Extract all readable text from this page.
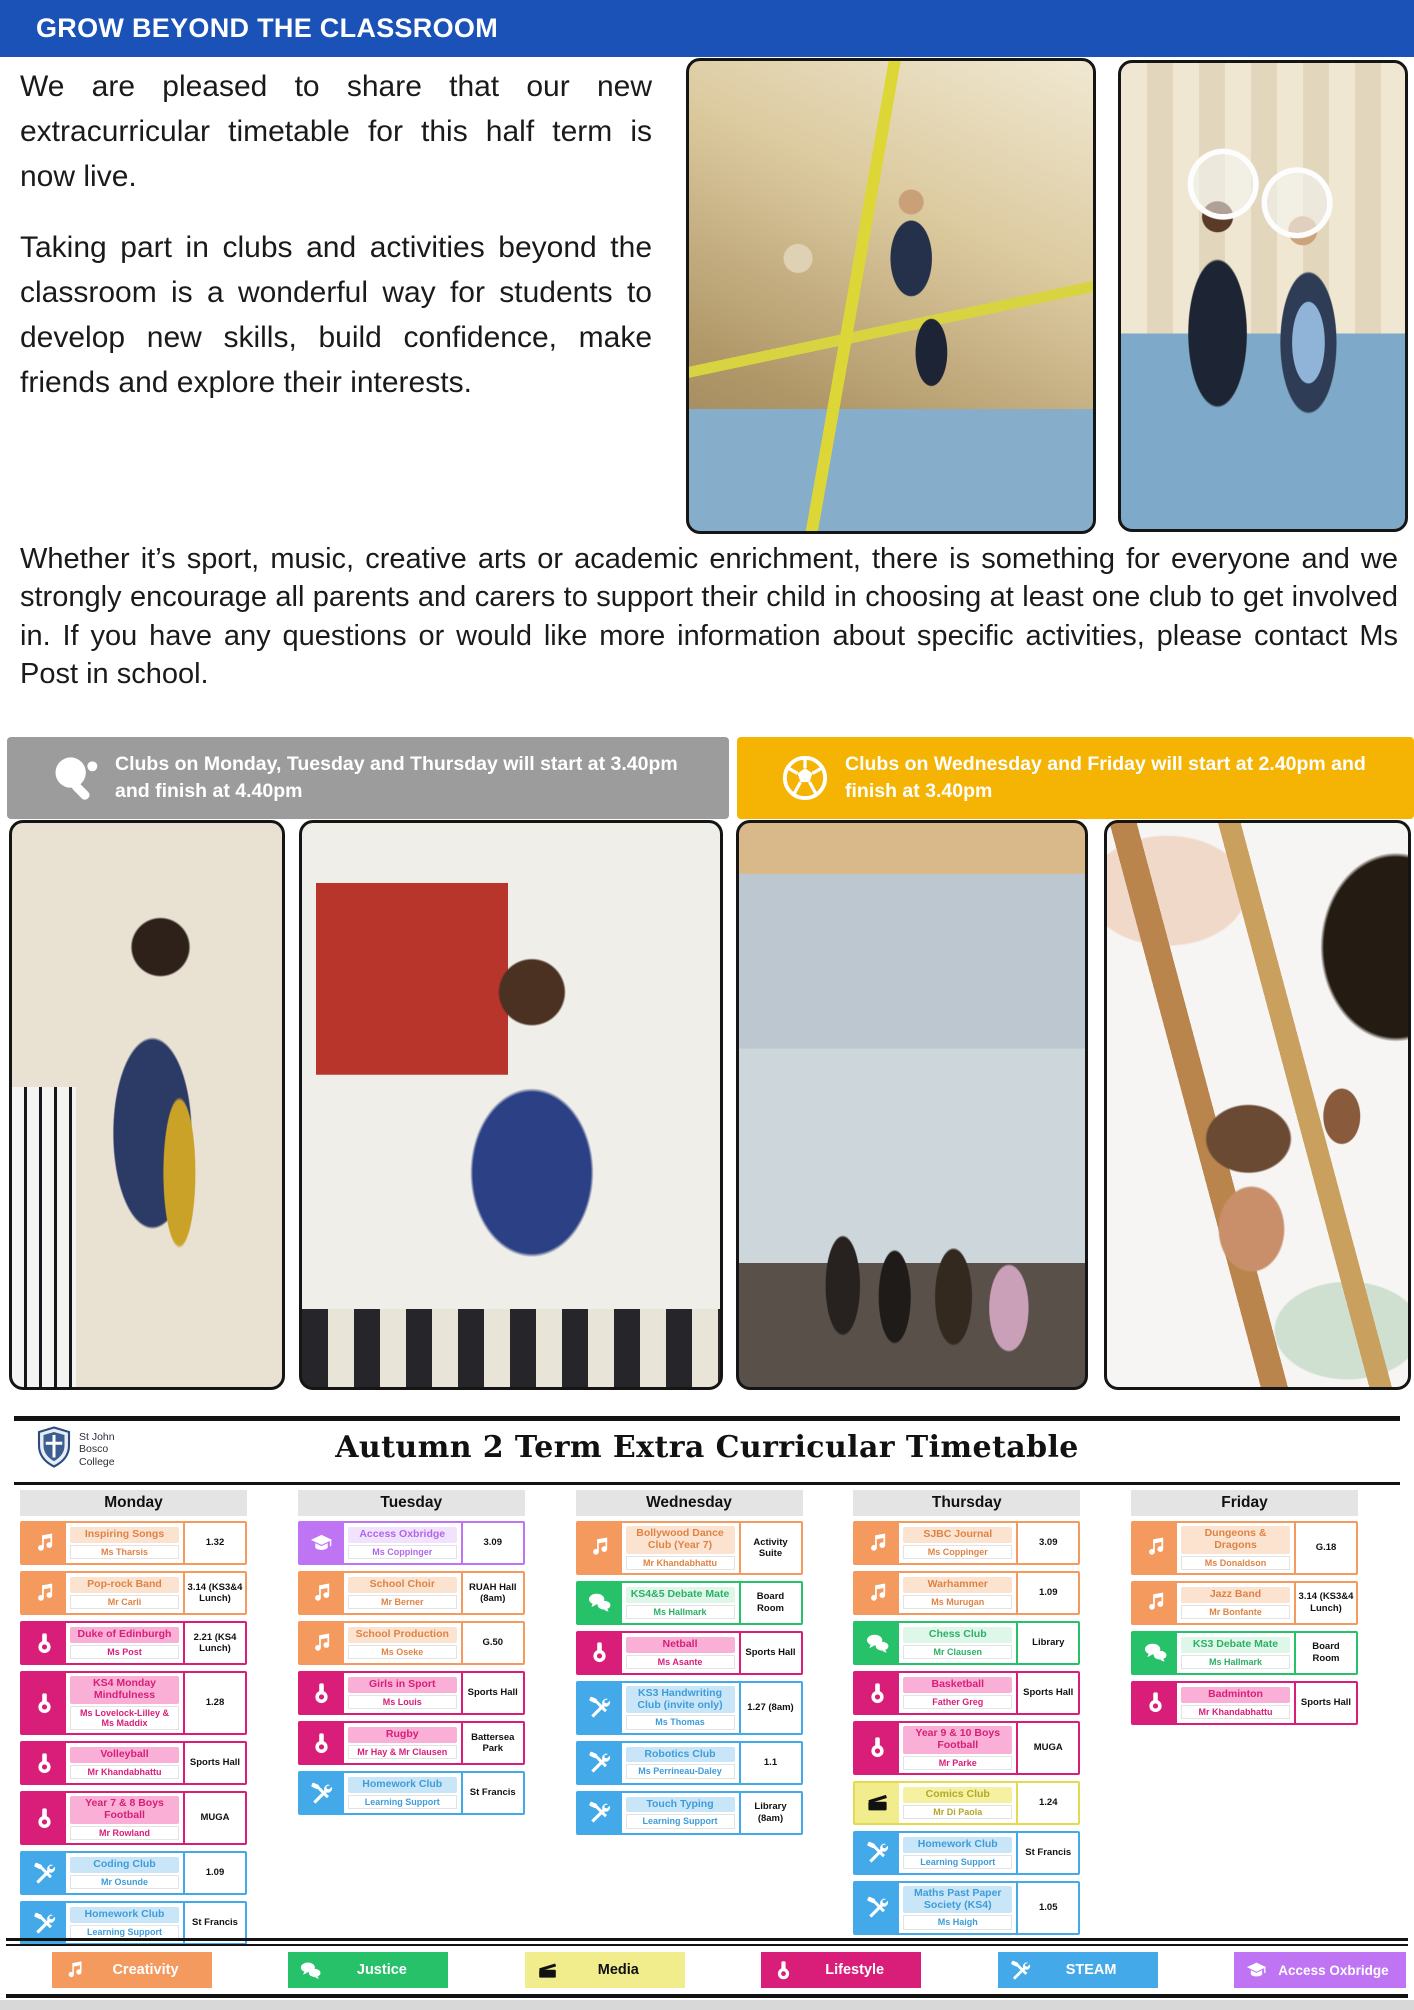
GROW BEYOND THE CLASSROOM

We are pleased to share that our new extracurricular timetable for this half term is now live.

Taking part in clubs and activities beyond the classroom is a wonderful way for students to develop new skills, build confidence, make friends and explore their interests.

Whether it’s sport, music, creative arts or academic enrichment, there is something for everyone and we strongly encourage all parents and carers to support their child in choosing at least one club to get involved in. If you have any questions or would like more information about specific activities, please contact Ms Post in school.

Clubs on Monday, Tuesday and Thursday will start at 3.40pm and finish at 4.40pm
Clubs on Wednesday and Friday will start at 2.40pm and finish at 3.40pm
St John
Bosco
College	Autumn 2 Term Extra Curricular Timetable
Monday
Inspiring Songs
Ms Tharsis
1.32
Pop-rock Band
Mr Carli
3.14 (KS3&4 Lunch)
Duke of Edinburgh
Ms Post
2.21 (KS4 Lunch)
KS4 Monday Mindfulness
Ms Lovelock-Lilley & Ms Maddix
1.28
Volleyball
Mr Khandabhattu
Sports Hall
Year 7 & 8 Boys Football
Mr Rowland
MUGA
Coding Club
Mr Osunde
1.09
Homework Club
Learning Support
St Francis
Tuesday
Access Oxbridge
Ms Coppinger
3.09
School Choir
Mr Berner
RUAH Hall (8am)
School Production
Ms Oseke
G.50
Girls in Sport
Ms Louis
Sports Hall
Rugby
Mr Hay & Mr Clausen
Battersea Park
Homework Club
Learning Support
St Francis
Wednesday
Bollywood Dance Club (Year 7)
Mr Khandabhattu
Activity Suite
KS4&5 Debate Mate
Ms Hallmark
Board Room
Netball
Ms Asante
Sports Hall
KS3 Handwriting Club (invite only)
Ms Thomas
1.27 (8am)
Robotics Club
Ms Perrineau-Daley
1.1
Touch Typing
Learning Support
Library (8am)
Thursday
SJBC Journal
Ms Coppinger
3.09
Warhammer
Ms Murugan
1.09
Chess Club
Mr Clausen
Library
Basketball
Father Greg
Sports Hall
Year 9 & 10 Boys Football
Mr Parke
MUGA
Comics Club
Mr Di Paola
1.24
Homework Club
Learning Support
St Francis
Maths Past Paper Society (KS4)
Ms Haigh
1.05
Friday
Dungeons & Dragons
Ms Donaldson
G.18
Jazz Band
Mr Bonfante
3.14 (KS3&4 Lunch)
KS3 Debate Mate
Ms Hallmark
Board Room
Badminton
Mr Khandabhattu
Sports Hall
Creativity	Justice	Media	Lifestyle	STEAM	Access Oxbridge
